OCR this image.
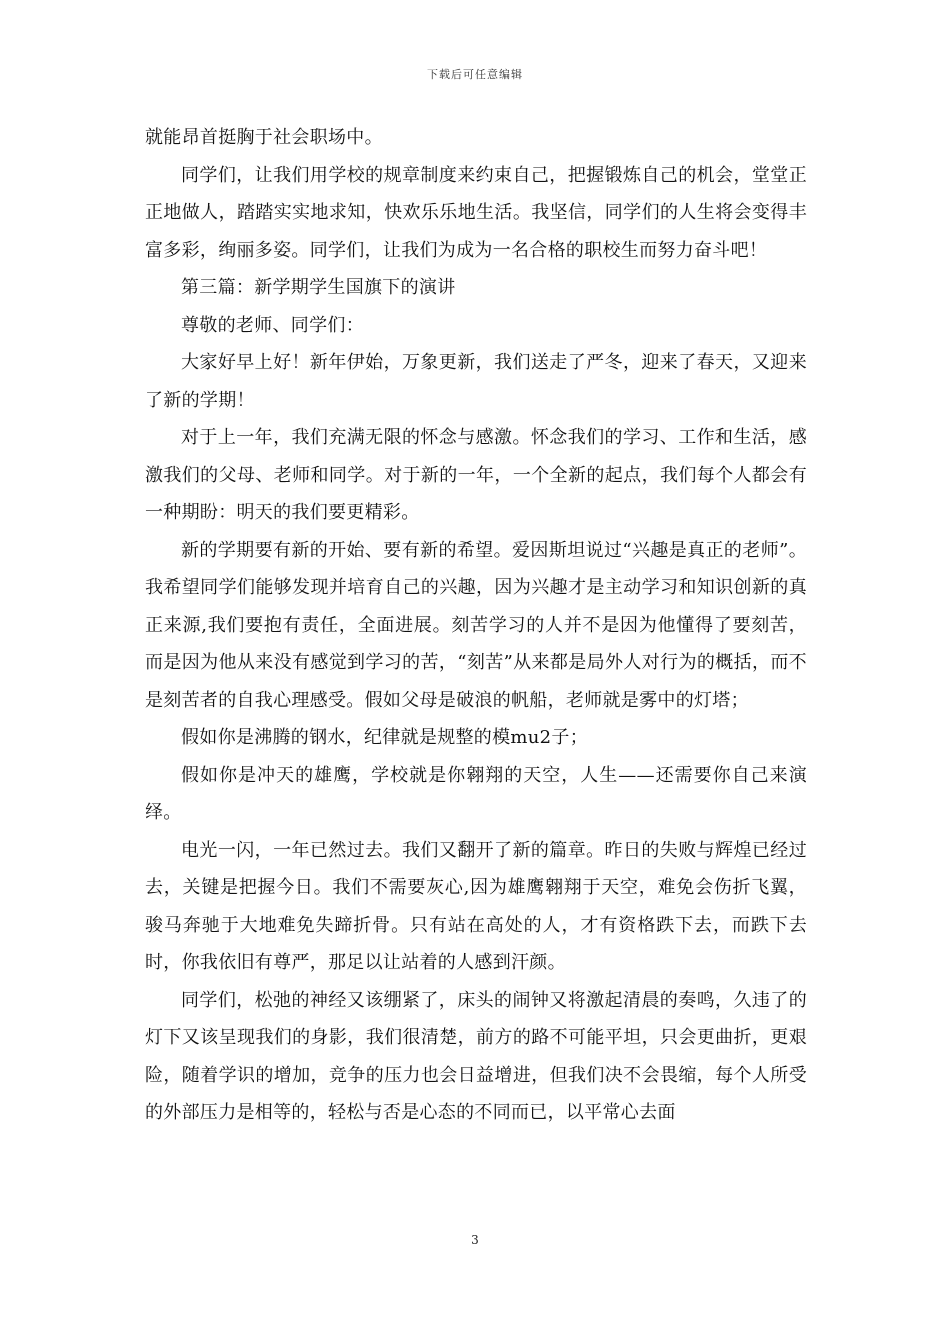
下载后可任意编辑

就能昂首挺胸于社会职场中。

同学们，让我们用学校的规章制度来约束自己，把握锻炼自己的机会，堂堂正正地做人，踏踏实实地求知，快欢乐乐地生活。我坚信，同学们的人生将会变得丰富多彩，绚丽多姿。同学们，让我们为成为一名合格的职校生而努力奋斗吧！

第三篇：新学期学生国旗下的演讲

尊敬的老师、同学们：

大家好早上好！新年伊始，万象更新，我们送走了严冬，迎来了春天，又迎来了新的学期！

对于上一年，我们充满无限的怀念与感激。怀念我们的学习、工作和生活，感激我们的父母、老师和同学。对于新的一年，一个全新的起点，我们每个人都会有一种期盼：明天的我们要更精彩。

新的学期要有新的开始、要有新的希望。爱因斯坦说过“兴趣是真正的老师”。我希望同学们能够发现并培育自己的兴趣，因为兴趣才是主动学习和知识创新的真正来源,我们要抱有责任，全面进展。刻苦学习的人并不是因为他懂得了要刻苦，而是因为他从来没有感觉到学习的苦，“刻苦”从来都是局外人对行为的概括，而不是刻苦者的自我心理感受。假如父母是破浪的帆船，老师就是雾中的灯塔；

假如你是沸腾的钢水，纪律就是规整的模mu2子；

假如你是冲天的雄鹰，学校就是你翱翔的天空，人生——还需要你自己来演绎。

电光一闪，一年已然过去。我们又翻开了新的篇章。昨日的失败与辉煌已经过去，关键是把握今日。我们不需要灰心,因为雄鹰翱翔于天空，难免会伤折飞翼，骏马奔驰于大地难免失蹄折骨。只有站在高处的人，才有资格跌下去，而跌下去时，你我依旧有尊严，那足以让站着的人感到汗颜。

同学们，松弛的神经又该绷紧了，床头的闹钟又将激起清晨的奏鸣，久违了的灯下又该呈现我们的身影，我们很清楚，前方的路不可能平坦，只会更曲折，更艰险，随着学识的增加，竞争的压力也会日益增进，但我们决不会畏缩，每个人所受的外部压力是相等的，轻松与否是心态的不同而已，以平常心去面

3
